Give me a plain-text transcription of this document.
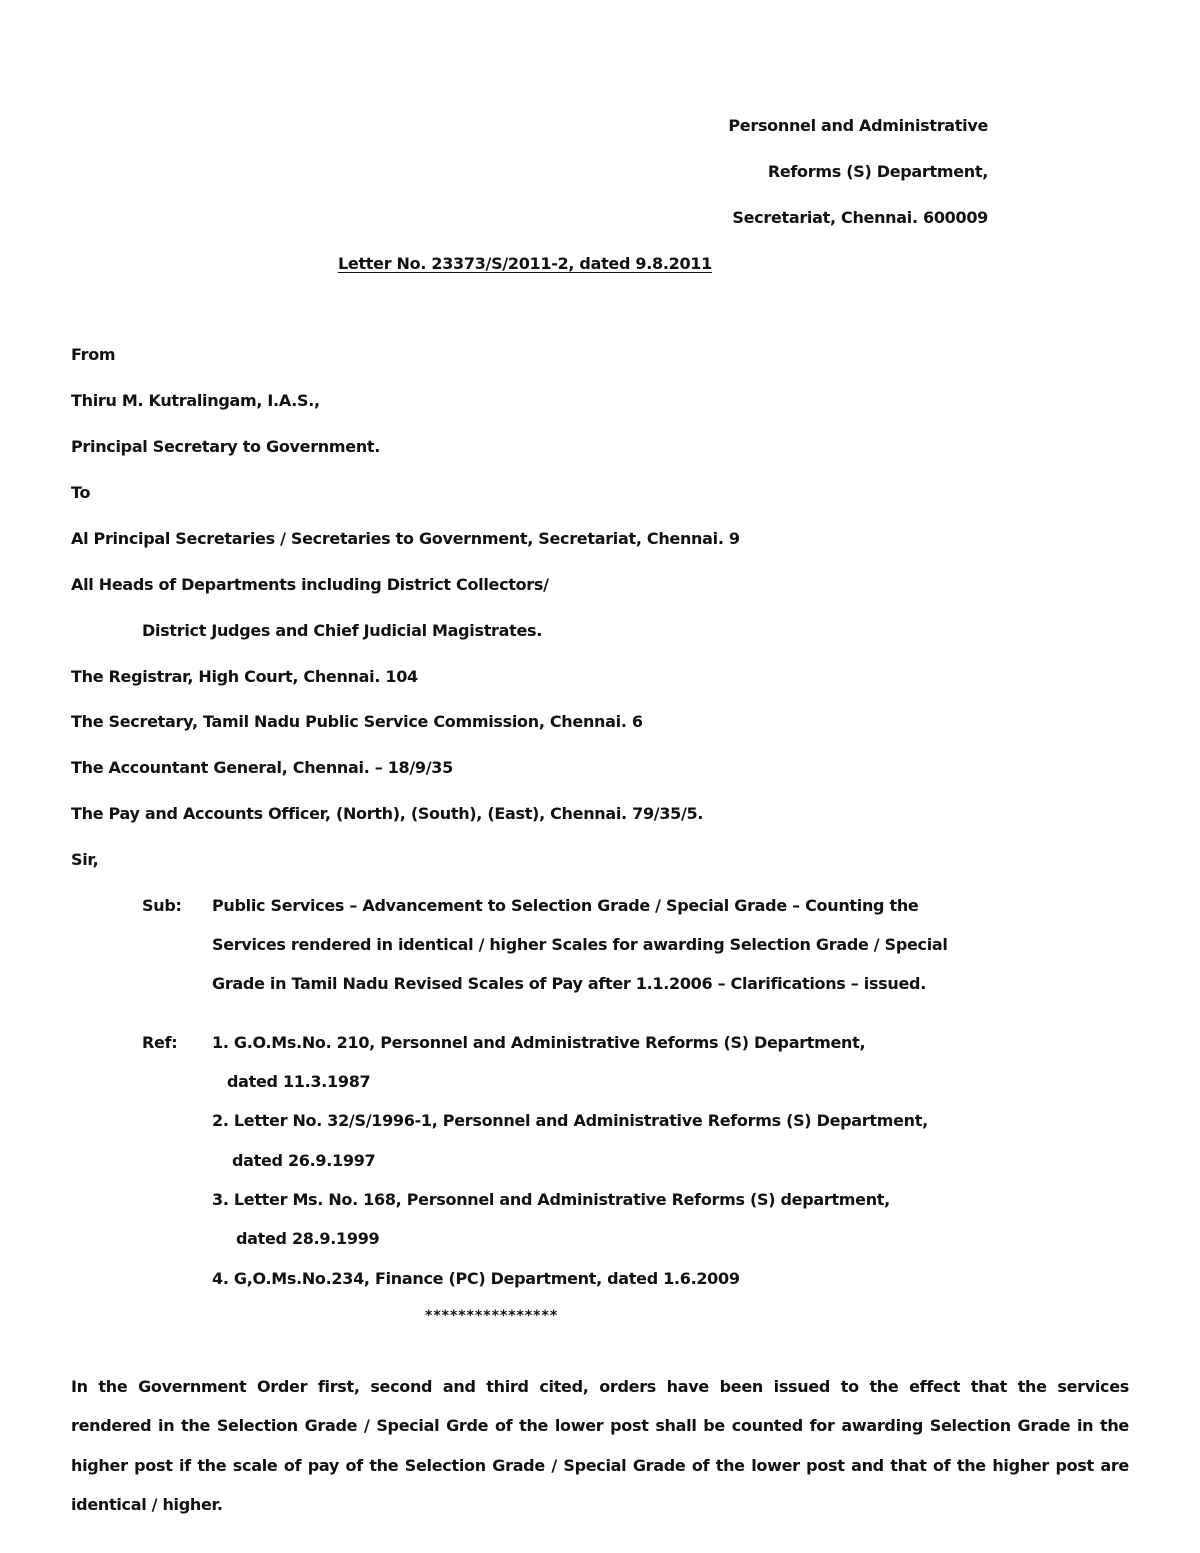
Personnel and Administrative
Reforms (S) Department,
Secretariat, Chennai. 600009
Letter No. 23373/S/2011-2, dated 9.8.2011
From
Thiru M. Kutralingam, I.A.S.,
Principal Secretary to Government.
To
Al Principal Secretaries / Secretaries to Government, Secretariat, Chennai. 9
All Heads of Departments including District Collectors/
District Judges and Chief Judicial Magistrates.
The Registrar, High Court, Chennai. 104
The Secretary, Tamil Nadu Public Service Commission, Chennai. 6
The Accountant General, Chennai. – 18/9/35
The Pay and Accounts Officer, (North), (South), (East), Chennai. 79/35/5.
Sir,
Sub: Public Services – Advancement to Selection Grade / Special Grade – Counting the
Services rendered in identical / higher Scales for awarding Selection Grade / Special
Grade in Tamil Nadu Revised Scales of Pay after 1.1.2006 – Clarifications – issued.
Ref: 1. G.O.Ms.No. 210, Personnel and Administrative Reforms (S) Department,
dated 11.3.1987
2. Letter No. 32/S/1996-1, Personnel and Administrative Reforms (S) Department,
dated 26.9.1997
3. Letter Ms. No. 168, Personnel and Administrative Reforms (S) department,
dated 28.9.1999
4. G,O.Ms.No.234, Finance (PC) Department, dated 1.6.2009
****************
In the Government Order first, second and third cited, orders have been issued to the effect that the services
rendered in the Selection Grade / Special Grde of the lower post shall be counted for awarding Selection Grade in the
higher post if the scale of pay of the Selection Grade / Special Grade of the lower post and that of the higher post are
identical / higher.
